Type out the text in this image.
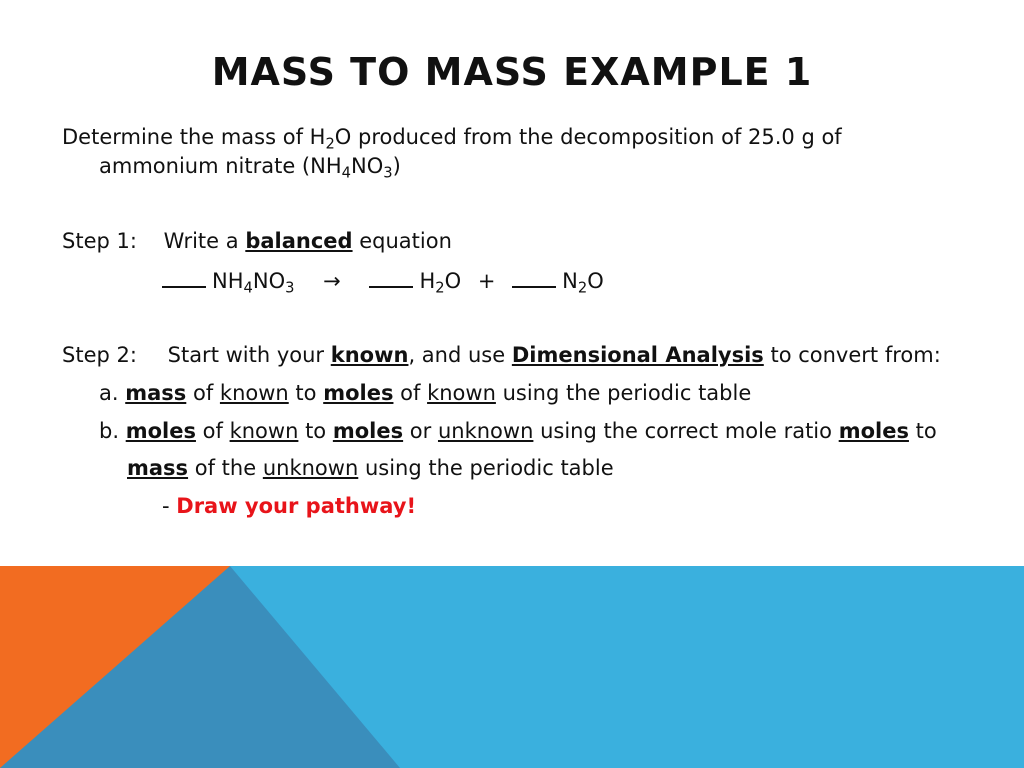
MASS TO MASS EXAMPLE 1
Determine the mass of $H_2O$ produced from the decomposition of 25.0 g of
ammonium nitrate $(NH_4NO_3)$
Step 1: Write a balanced equation
$NH_4NO_3$ →	$H_2O$ +	$N_2O$
Step 2: Start with your known, and use Dimensional Analysis to convert from:
a. mass of known to moles of known using the periodic table
b. moles of known to moles or unknown using the correct mole ratio moles to
mass of the unknown using the periodic table
- Draw your pathway!
